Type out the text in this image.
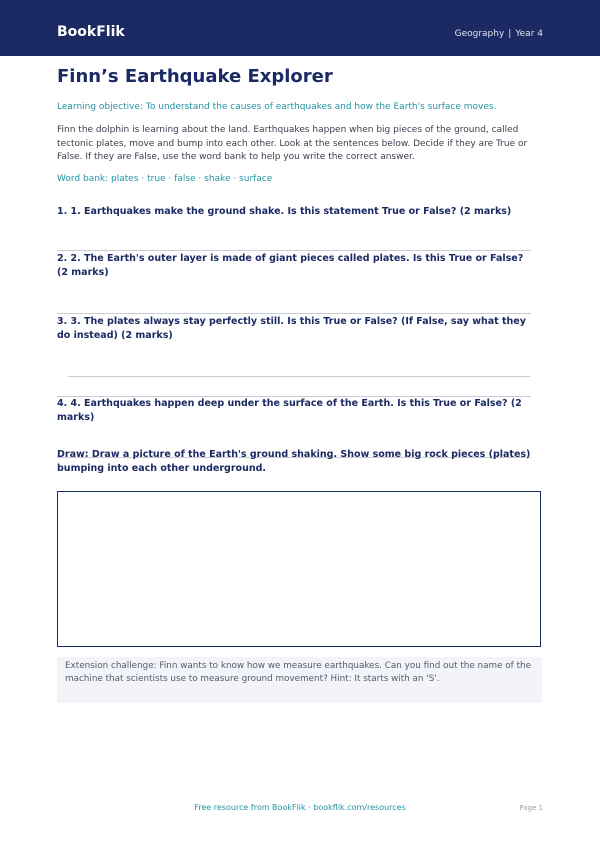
BookFlik	Geography | Year 4
Finn’s Earthquake Explorer

Learning objective: To understand the causes of earthquakes and how the Earth's surface moves.

Finn the dolphin is learning about the land. Earthquakes happen when big pieces of the ground, called tectonic plates, move and bump into each other. Look at the sentences below. Decide if they are True or False. If they are False, use the word bank to help you write the correct answer.

Word bank: plates · true · false · shake · surface

1. 1. Earthquakes make the ground shake. Is this statement True or False? (2 marks)

2. 2. The Earth's outer layer is made of giant pieces called plates. Is this True or False? (2 marks)

3. 3. The plates always stay perfectly still. Is this True or False? (If False, say what they do instead) (2 marks)

4. 4. Earthquakes happen deep under the surface of the Earth. Is this True or False? (2 marks)

Draw: Draw a picture of the Earth's ground shaking. Show some big rock pieces (plates) bumping into each other underground.

Extension challenge: Finn wants to know how we measure earthquakes. Can you find out the name of the machine that scientists use to measure ground movement? Hint: It starts with an 'S'.

Free resource from BookFlik · bookflik.com/resources	Page 1
